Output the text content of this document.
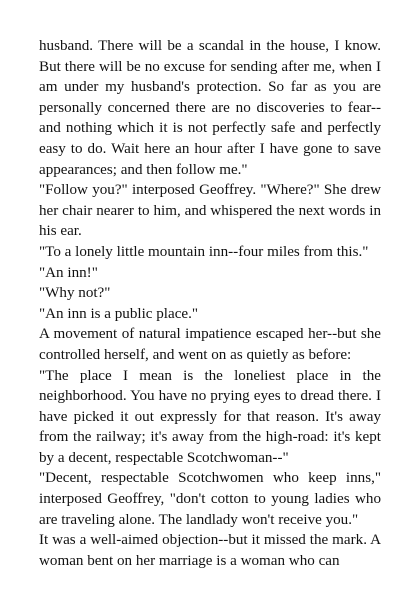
husband. There will be a scandal in the house, I know. But there will be no excuse for sending after me, when I am under my husband's protection. So far as you are personally concerned there are no discoveries to fear--and nothing which it is not perfectly safe and perfectly easy to do. Wait here an hour after I have gone to save appearances; and then follow me."

"Follow you?" interposed Geoffrey. "Where?" She drew her chair nearer to him, and whispered the next words in his ear.

"To a lonely little mountain inn--four miles from this."

"An inn!"

"Why not?"

"An inn is a public place."

A movement of natural impatience escaped her--but she controlled herself, and went on as quietly as before:

"The place I mean is the loneliest place in the neighborhood. You have no prying eyes to dread there. I have picked it out expressly for that reason. It's away from the railway; it's away from the high-road: it's kept by a decent, respectable Scotchwoman--"

"Decent, respectable Scotchwomen who keep inns," interposed Geoffrey, "don't cotton to young ladies who are traveling alone. The landlady won't receive you."

It was a well-aimed objection--but it missed the mark. A woman bent on her marriage is a woman who can
